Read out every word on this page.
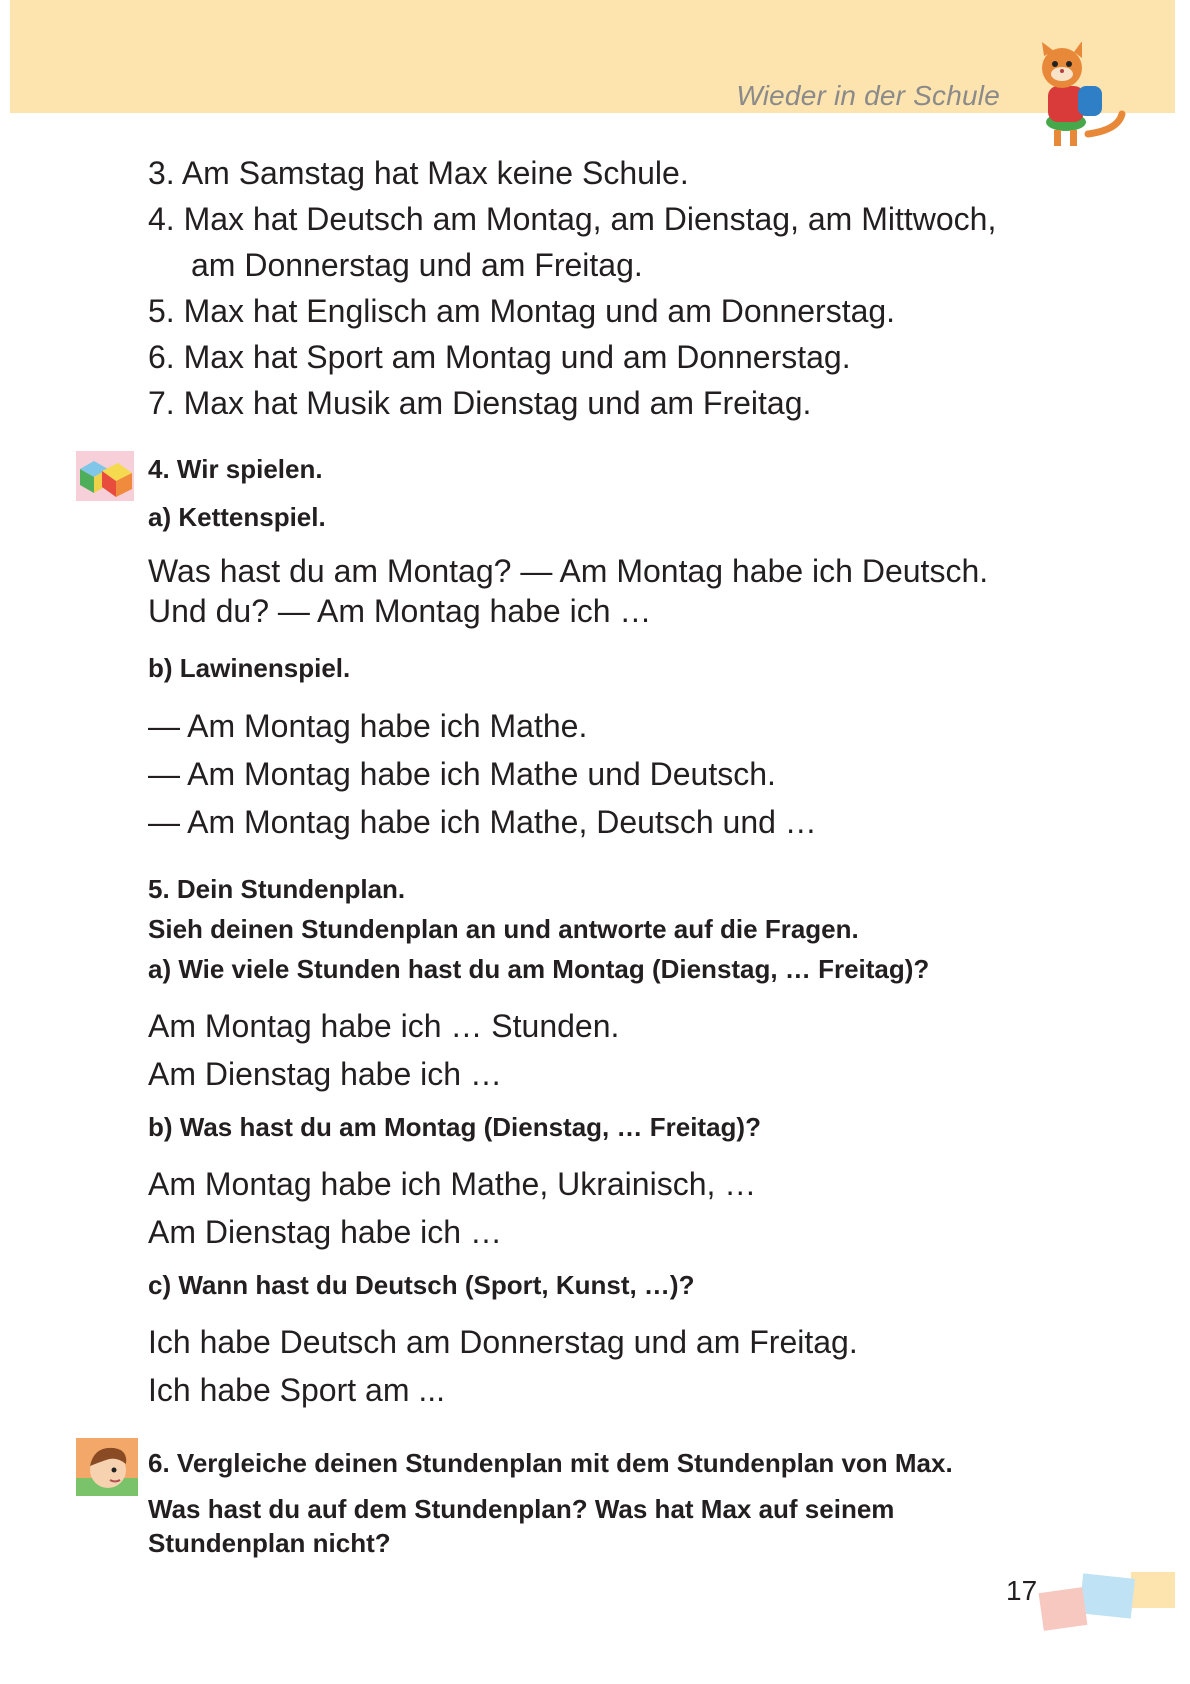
Wieder in der Schule

3. Am Samstag hat Max keine Schule.

4. Max hat Deutsch am Montag, am Dienstag, am Mittwoch,

am Donnerstag und am Freitag.

5. Max hat Englisch am Montag und am Donnerstag.

6. Max hat Sport am Montag und am Donnerstag.

7. Max hat Musik am Dienstag und am Freitag.

4. Wir spielen.

a) Kettenspiel.

Was hast du am Montag? — Am Montag habe ich Deutsch.

Und du? — Am Montag habe ich …

b) Lawinenspiel.

— Am Montag habe ich Mathe.

— Am Montag habe ich Mathe und Deutsch.

— Am Montag habe ich Mathe, Deutsch und …

5. Dein Stundenplan.

Sieh deinen Stundenplan an und antworte auf die Fragen.

a) Wie viele Stunden hast du am Montag (Dienstag, … Freitag)?

Am Montag habe ich … Stunden.

Am Dienstag habe ich …

b) Was hast du am Montag (Dienstag, … Freitag)?

Am Montag habe ich Mathe, Ukrainisch, …

Am Dienstag habe ich …

c) Wann hast du Deutsch (Sport, Kunst, …)?

Ich habe Deutsch am Donnerstag und am Freitag.

Ich habe Sport am ...

6. Vergleiche deinen Stundenplan mit dem Stundenplan von Max.

Was hast du auf dem Stundenplan? Was hat Max auf seinem

Stundenplan nicht?

17
